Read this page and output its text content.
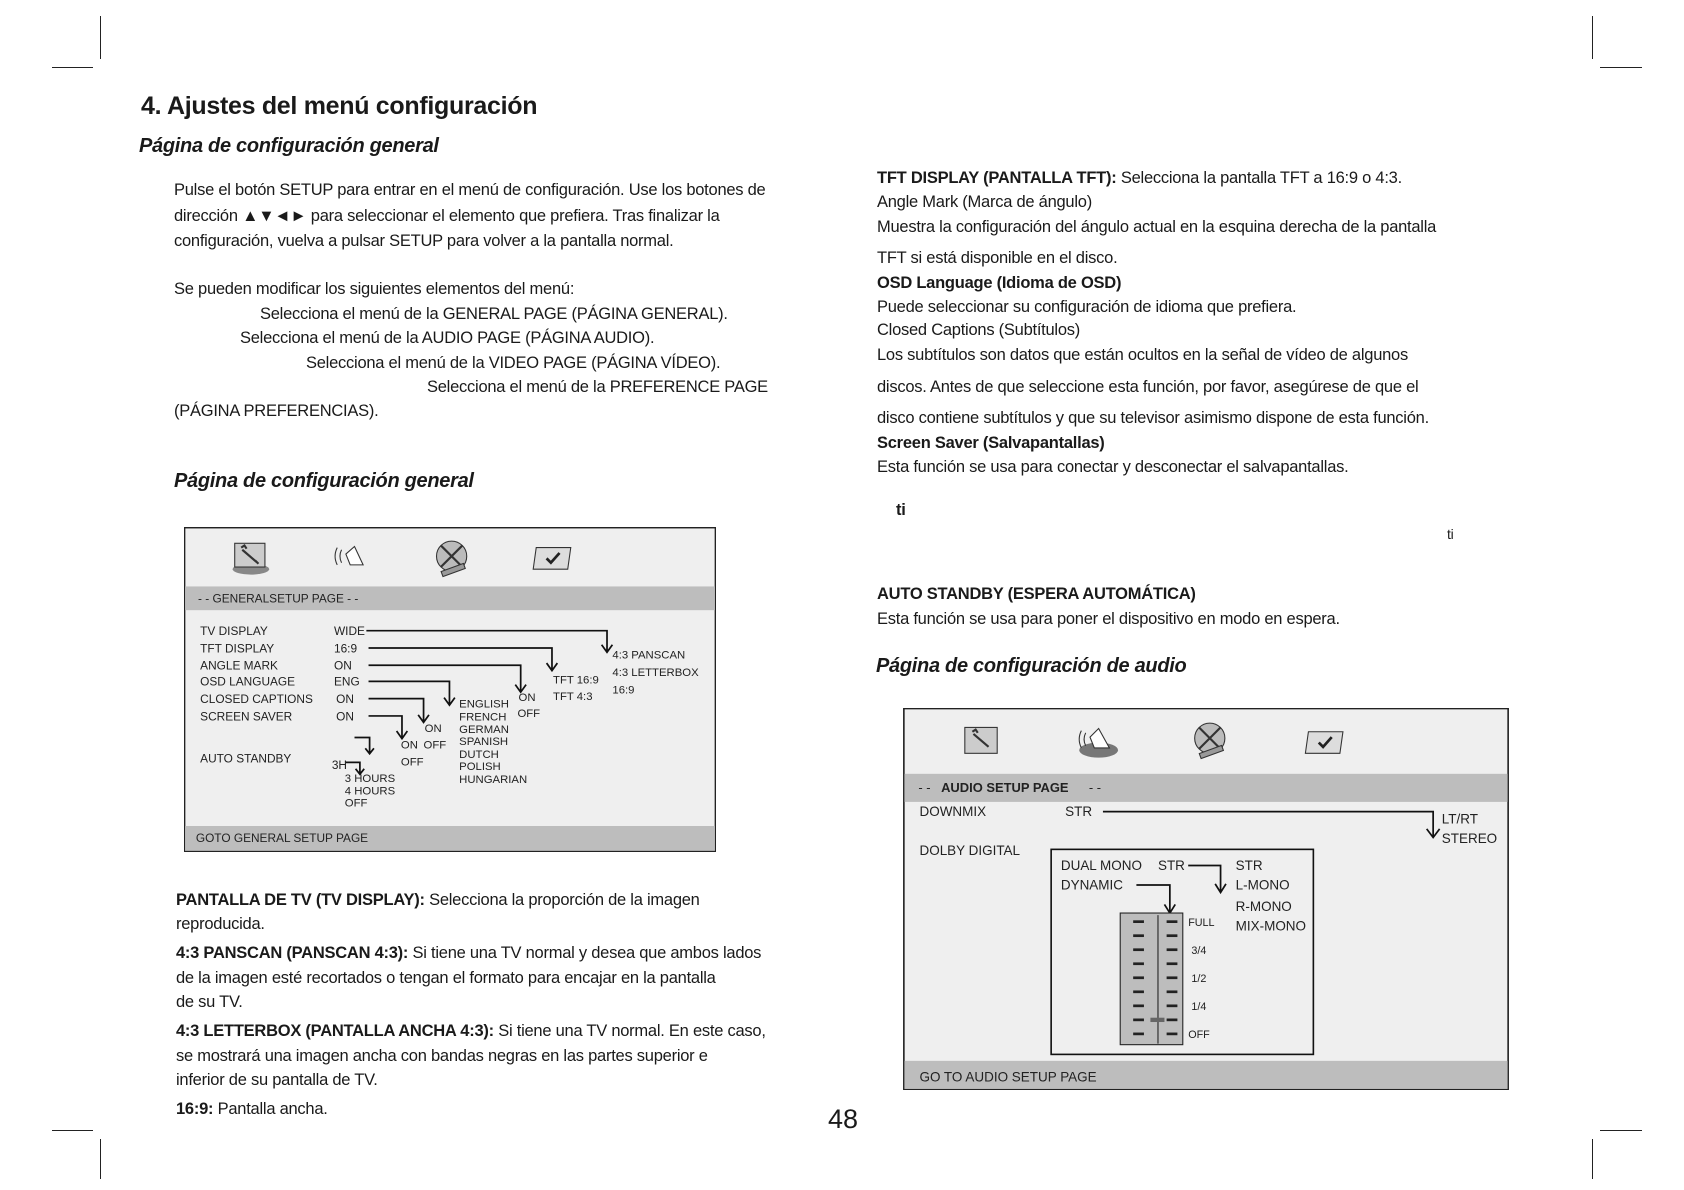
4. Ajustes del menú configuración
Página de configuración general
Pulse el botón SETUP para entrar en el menú de configuración. Use los botones de
dirección ▲▼◄► para seleccionar el elemento que prefiera. Tras finalizar la
configuración, vuelva a pulsar SETUP para volver a la pantalla normal.
Se pueden modificar los siguientes elementos del menú:
Selecciona el menú de la GENERAL PAGE (PÁGINA GENERAL).
Selecciona el menú de la AUDIO PAGE (PÁGINA AUDIO).
Selecciona el menú de la VIDEO PAGE (PÁGINA VÍDEO).
Selecciona el menú de la PREFERENCE PAGE
(PÁGINA PREFERENCIAS).
Página de configuración general
- - GENERALSETUP PAGE - -
TV DISPLAY
TFT DISPLAY
ANGLE MARK
OSD LANGUAGE
CLOSED CAPTIONS
SCREEN SAVER
AUTO STANDBY
WIDE
16:9
ON
ENG
ON
ON
3H
4:3 PANSCAN
4:3 LETTERBOX
16:9
TFT 16:9
TFT 4:3
ON
OFF
ENGLISH
FRENCH
GERMAN
SPANISH
DUTCH
POLISH
HUNGARIAN
ON
OFF
ON
OFF
3 HOURS
4 HOURS
OFF
GOTO GENERAL SETUP PAGE
PANTALLA DE TV (TV DISPLAY): Selecciona la proporción de la imagen
reproducida.
4:3 PANSCAN (PANSCAN 4:3): Si tiene una TV normal y desea que ambos lados
de la imagen esté recortados o tengan el formato para encajar en la pantalla
de su TV.
4:3 LETTERBOX (PANTALLA ANCHA 4:3): Si tiene una TV normal. En este caso,
se mostrará una imagen ancha con bandas negras en las partes superior e
inferior de su pantalla de TV.
16:9: Pantalla ancha.	48
TFT DISPLAY (PANTALLA TFT): Selecciona la pantalla TFT a 16:9 o 4:3.
Angle Mark (Marca de ángulo)
Muestra la configuración del ángulo actual en la esquina derecha de la pantalla
TFT si está disponible en el disco.
OSD Language (Idioma de OSD)
Puede seleccionar su configuración de idioma que prefiera.
Closed Captions (Subtítulos)
Los subtítulos son datos que están ocultos en la señal de vídeo de algunos
discos. Antes de que seleccione esta función, por favor, asegúrese de que el
disco contiene subtítulos y que su televisor asimismo dispone de esta función.
Screen Saver (Salvapantallas)
Esta función se usa para conectar y desconectar el salvapantallas.
ti
ti
AUTO STANDBY (ESPERA AUTOMÁTICA)
Esta función se usa para poner el dispositivo en modo en espera.
Página de configuración de audio
- - AUDIO SETUP PAGE - -
DOWNMIX	STR
LT/RT
STEREO
DOLBY DIGITAL
DUAL MONO STR
DYNAMIC
STR
L-MONO
R-MONO
MIX-MONO
FULL
3/4
1/2
1/4
OFF
GO TO AUDIO SETUP PAGE
